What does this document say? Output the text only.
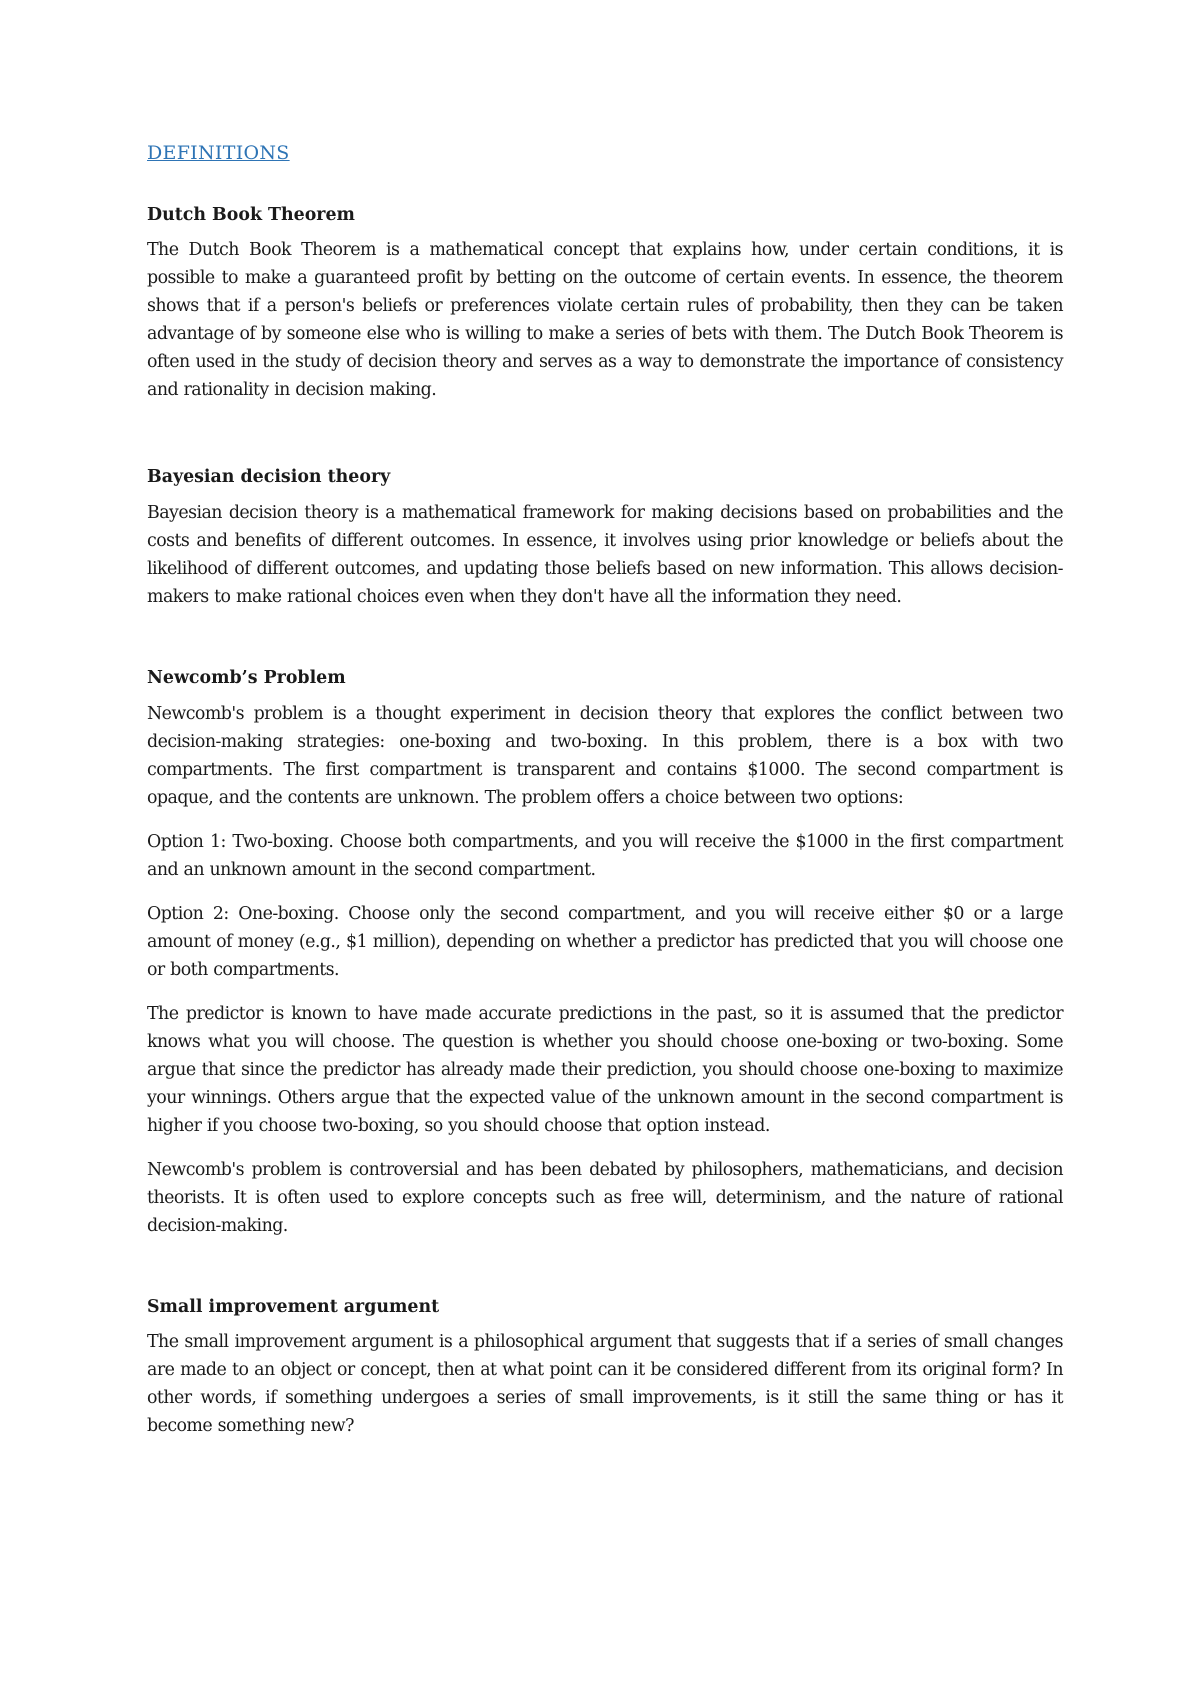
DEFINITIONS
Dutch Book Theorem

The Dutch Book Theorem is a mathematical concept that explains how, under certain conditions, it is possible to make a guaranteed profit by betting on the outcome of certain events. In essence, the theorem shows that if a person's beliefs or preferences violate certain rules of probability, then they can be taken advantage of by someone else who is willing to make a series of bets with them. The Dutch Book Theorem is often used in the study of decision theory and serves as a way to demonstrate the importance of consistency and rationality in decision making.

Bayesian decision theory

Bayesian decision theory is a mathematical framework for making decisions based on probabilities and the costs and benefits of different outcomes. In essence, it involves using prior knowledge or beliefs about the likelihood of different outcomes, and updating those beliefs based on new information. This allows decision-makers to make rational choices even when they don't have all the information they need.

Newcomb’s Problem

Newcomb's problem is a thought experiment in decision theory that explores the conflict between two decision-making strategies: one-boxing and two-boxing. In this problem, there is a box with two compartments. The first compartment is transparent and contains $1000. The second compartment is opaque, and the contents are unknown. The problem offers a choice between two options:

Option 1: Two-boxing. Choose both compartments, and you will receive the $1000 in the first compartment and an unknown amount in the second compartment.

Option 2: One-boxing. Choose only the second compartment, and you will receive either $0 or a large amount of money (e.g., $1 million), depending on whether a predictor has predicted that you will choose one or both compartments.

The predictor is known to have made accurate predictions in the past, so it is assumed that the predictor knows what you will choose. The question is whether you should choose one-boxing or two-boxing. Some argue that since the predictor has already made their prediction, you should choose one-boxing to maximize your winnings. Others argue that the expected value of the unknown amount in the second compartment is higher if you choose two-boxing, so you should choose that option instead.

Newcomb's problem is controversial and has been debated by philosophers, mathematicians, and decision theorists. It is often used to explore concepts such as free will, determinism, and the nature of rational decision-making.

Small improvement argument

The small improvement argument is a philosophical argument that suggests that if a series of small changes are made to an object or concept, then at what point can it be considered different from its original form? In other words, if something undergoes a series of small improvements, is it still the same thing or has it become something new?
